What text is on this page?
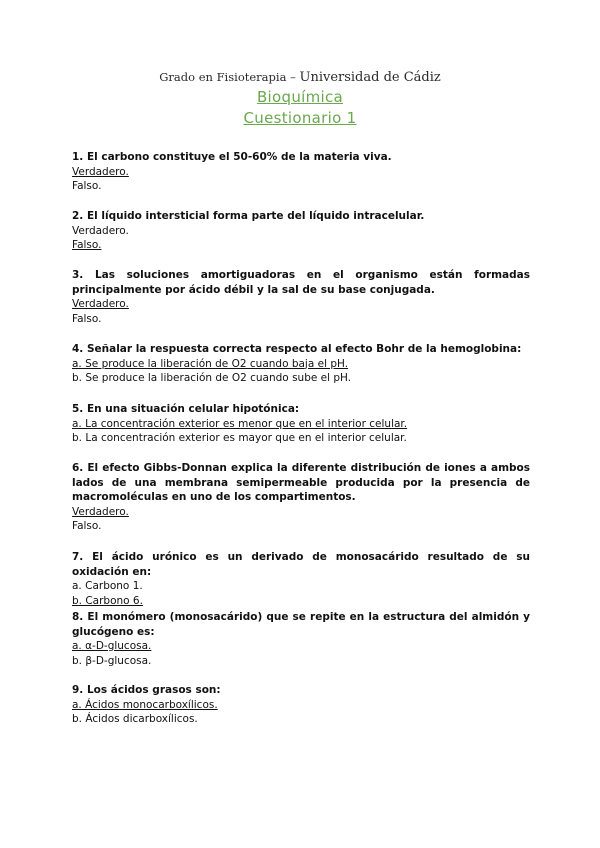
Grado en Fisioterapia – Universidad de Cádiz
Bioquímica
Cuestionario 1
1. El carbono constituye el 50-60% de la materia viva.
Verdadero.
Falso.
2. El líquido intersticial forma parte del líquido intracelular.
Verdadero.
Falso.
3. Las soluciones amortiguadoras en el organismo están formadas principalmente por ácido débil y la sal de su base conjugada.
Verdadero.
Falso.
4. Señalar la respuesta correcta respecto al efecto Bohr de la hemoglobina:
a. Se produce la liberación de O2 cuando baja el pH.
b. Se produce la liberación de O2 cuando sube el pH.
5. En una situación celular hipotónica:
a. La concentración exterior es menor que en el interior celular.
b. La concentración exterior es mayor que en el interior celular.
6. El efecto Gibbs-Donnan explica la diferente distribución de iones a ambos lados de una membrana semipermeable producida por la presencia de macromoléculas en uno de los compartimentos.
Verdadero.
Falso.
7. El ácido urónico es un derivado de monosacárido resultado de su oxidación en:
a. Carbono 1.
b. Carbono 6.
8. El monómero (monosacárido) que se repite en la estructura del almidón y glucógeno es:
a. α-D-glucosa.
b. β-D-glucosa.
9. Los ácidos grasos son:
a. Ácidos monocarboxílicos.
b. Ácidos dicarboxílicos.
